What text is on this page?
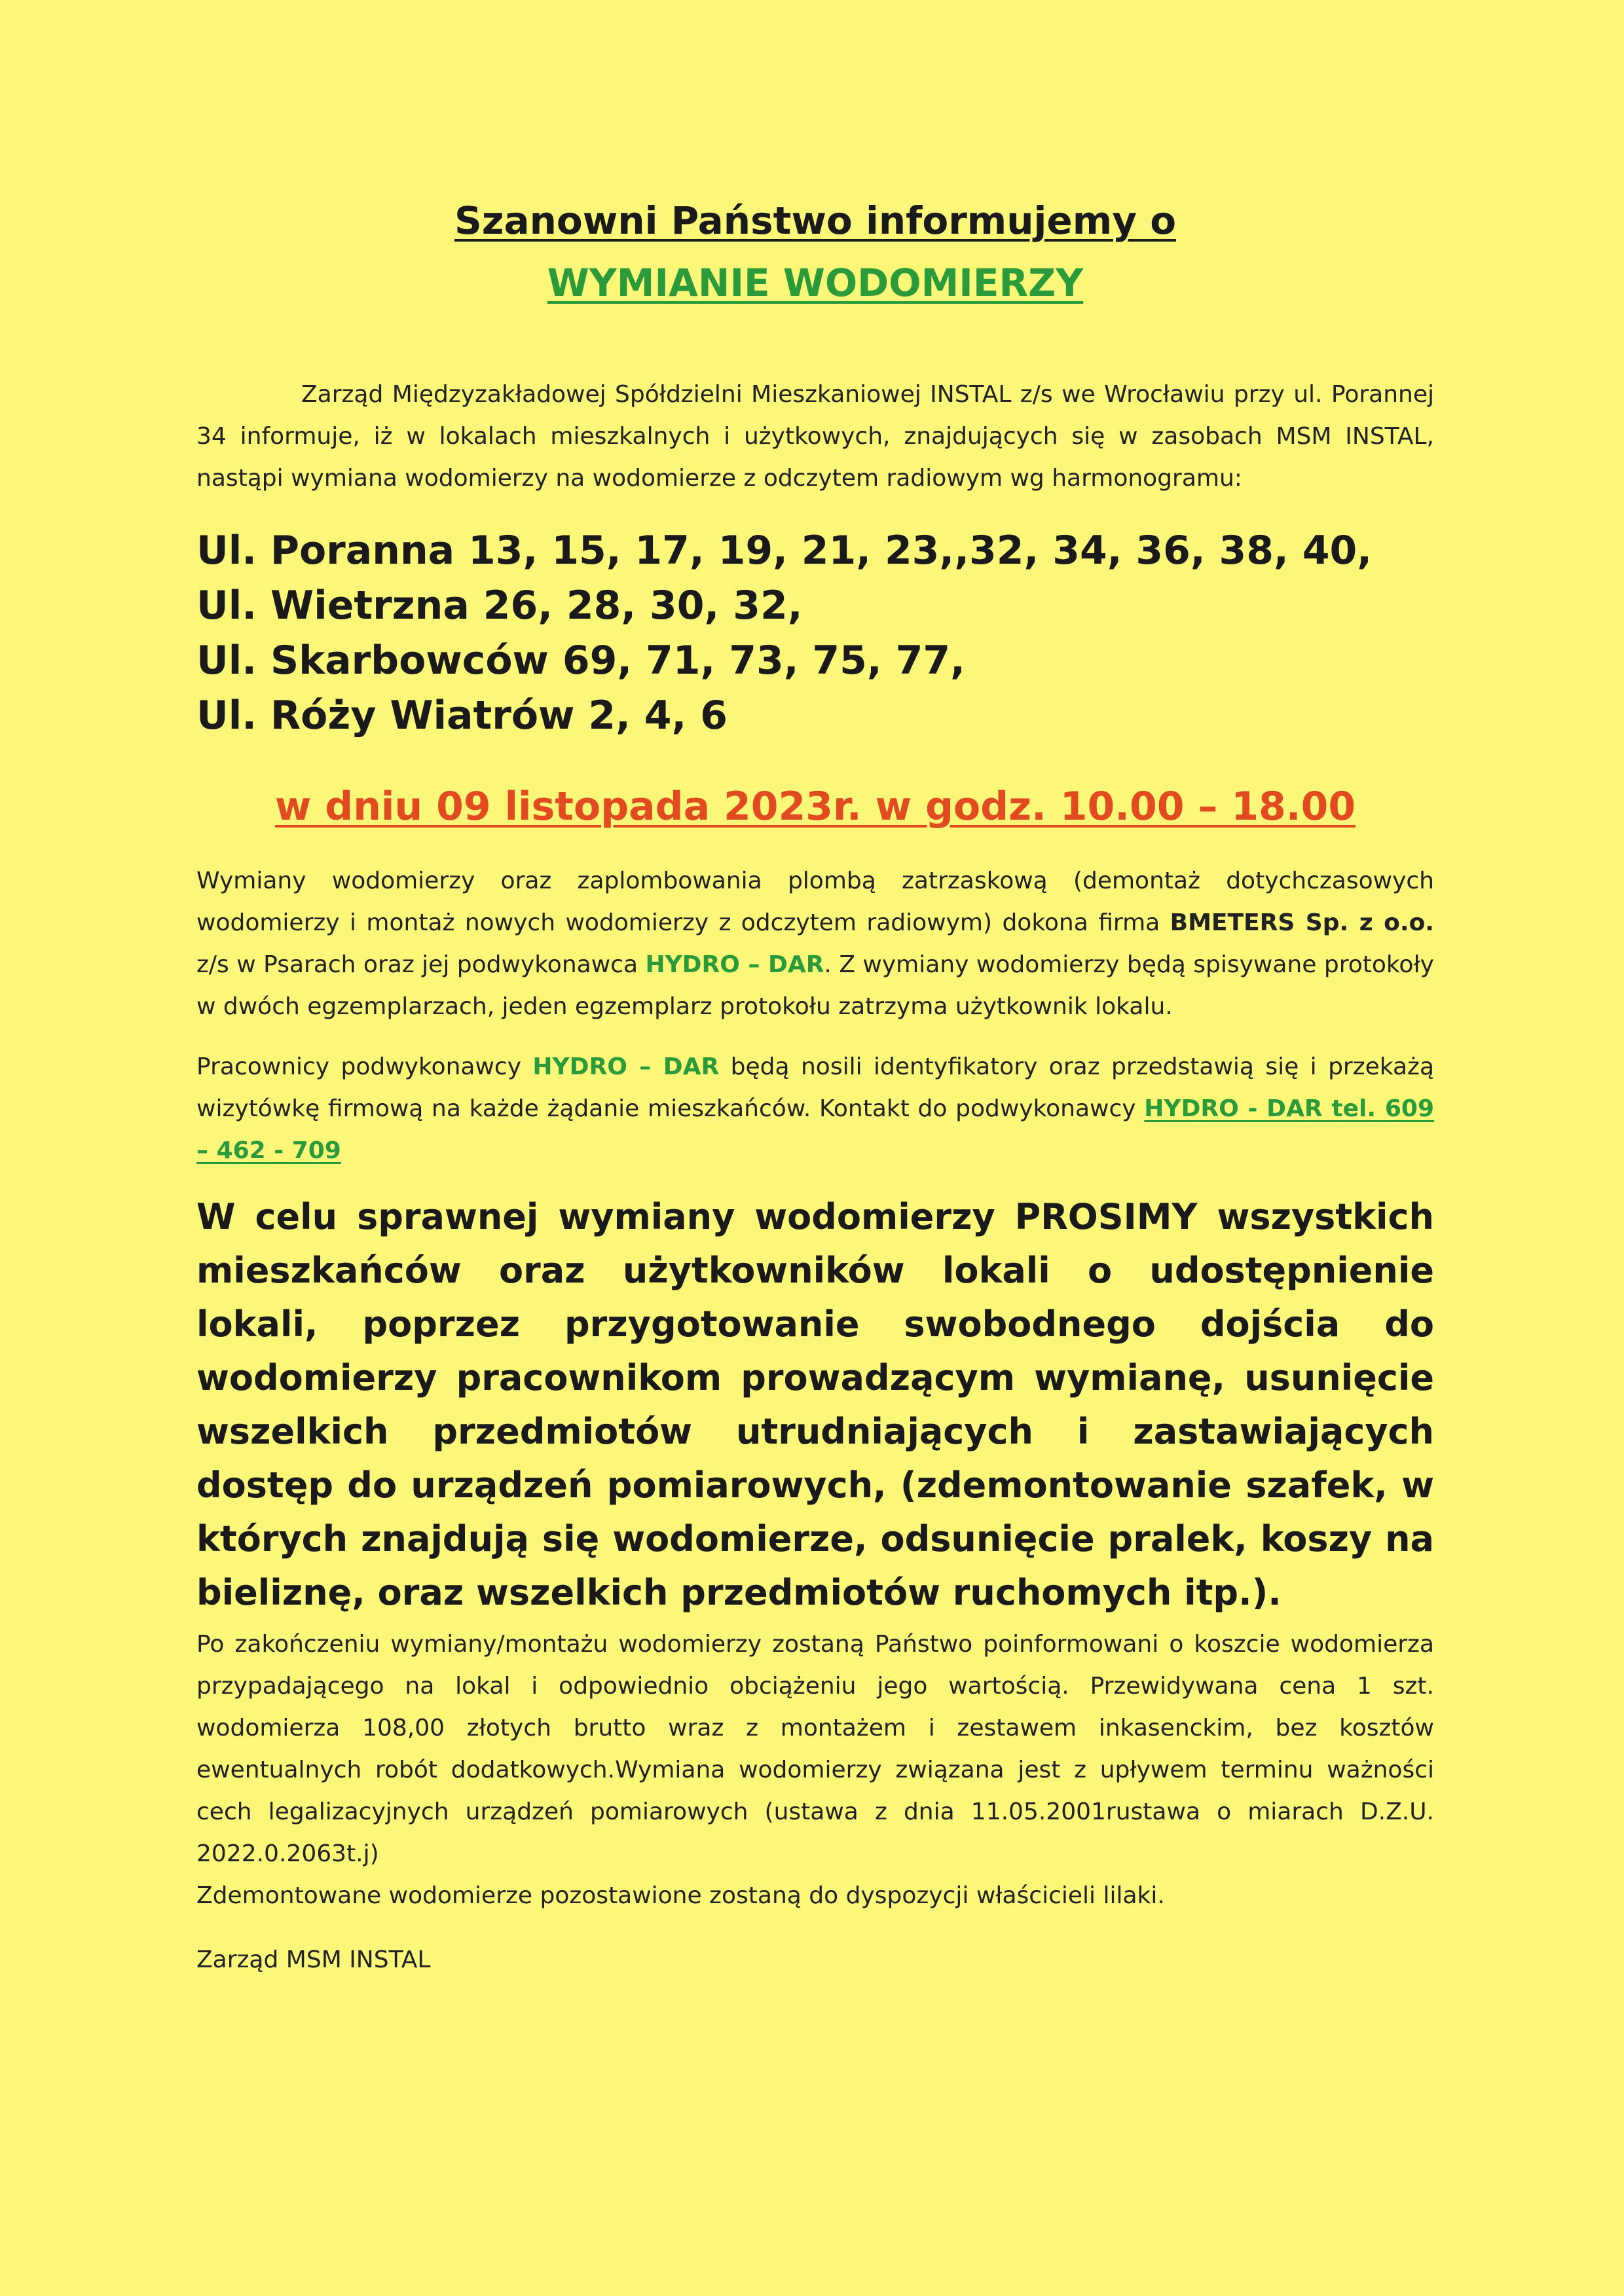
Szanowni Państwo informujemy o

WYMIANIE WODOMIERZY

Zarząd Międzyzakładowej Spółdzielni Mieszkaniowej INSTAL z/s we Wrocławiu przy ul. Porannej 34 informuje, iż w lokalach mieszkalnych i użytkowych, znajdujących się w zasobach MSM INSTAL, nastąpi wymiana wodomierzy na wodomierze z odczytem radiowym wg harmonogramu:

Ul. Poranna 13, 15, 17, 19, 21, 23,,32, 34, 36, 38, 40,
Ul. Wietrzna 26, 28, 30, 32,
Ul. Skarbowców 69, 71, 73, 75, 77,
Ul. Róży Wiatrów 2, 4, 6

w dniu 09 listopada 2023r. w godz. 10.00 – 18.00

Wymiany wodomierzy oraz zaplombowania plombą zatrzaskową (demontaż dotychczasowych wodomierzy i montaż nowych wodomierzy z odczytem radiowym) dokona firma BMETERS Sp. z o.o. z/s w Psarach oraz jej podwykonawca HYDRO – DAR. Z wymiany wodomierzy będą spisywane protokoły w dwóch egzemplarzach, jeden egzemplarz protokołu zatrzyma użytkownik lokalu.

Pracownicy podwykonawcy HYDRO – DAR będą nosili identyfikatory oraz przedstawią się i przekażą wizytówkę firmową na każde żądanie mieszkańców. Kontakt do podwykonawcy HYDRO - DAR tel. 609 – 462 - 709

W celu sprawnej wymiany wodomierzy PROSIMY wszystkich mieszkańców oraz użytkowników lokali o udostępnienie lokali, poprzez przygotowanie swobodnego dojścia do wodomierzy pracownikom prowadzącym wymianę, usunięcie wszelkich przedmiotów utrudniających i zastawiających dostęp do urządzeń pomiarowych, (zdemontowanie szafek, w których znajdują się wodomierze, odsunięcie pralek, koszy na bieliznę, oraz wszelkich przedmiotów ruchomych itp.).

Po zakończeniu wymiany/montażu wodomierzy zostaną Państwo poinformowani o koszcie wodomierza przypadającego na lokal i odpowiednio obciążeniu jego wartością. Przewidywana cena 1 szt. wodomierza 108,00 złotych brutto wraz z montażem i zestawem inkasenckim, bez kosztów ewentualnych robót dodatkowych.Wymiana wodomierzy związana jest z upływem terminu ważności cech legalizacyjnych urządzeń pomiarowych (ustawa z dnia 11.05.2001rustawa o miarach D.Z.U. 2022.0.2063t.j)

Zdemontowane wodomierze pozostawione zostaną do dyspozycji właścicieli lilaki.

Zarząd MSM INSTAL
